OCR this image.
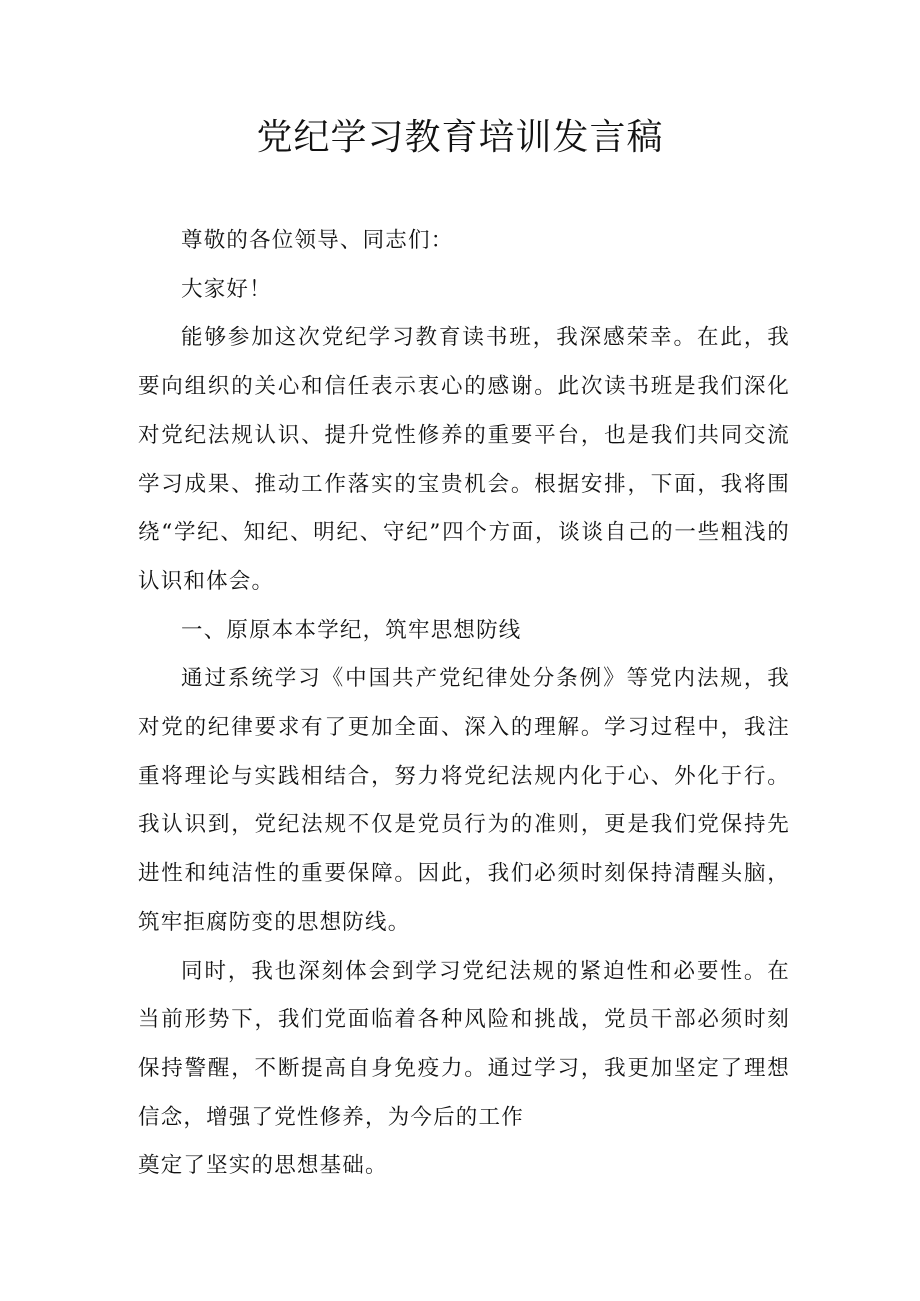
党纪学习教育培训发言稿

尊敬的各位领导、同志们：

大家好！

能够参加这次党纪学习教育读书班，我深感荣幸。在此，我要向组织的关心和信任表示衷心的感谢。此次读书班是我们深化对党纪法规认识、提升党性修养的重要平台，也是我们共同交流学习成果、推动工作落实的宝贵机会。根据安排，下面，我将围绕“学纪、知纪、明纪、守纪”四个方面，谈谈自己的一些粗浅的认识和体会。

一、原原本本学纪，筑牢思想防线

通过系统学习《中国共产党纪律处分条例》等党内法规，我对党的纪律要求有了更加全面、深入的理解。学习过程中，我注重将理论与实践相结合，努力将党纪法规内化于心、外化于行。我认识到，党纪法规不仅是党员行为的准则，更是我们党保持先进性和纯洁性的重要保障。因此，我们必须时刻保持清醒头脑，筑牢拒腐防变的思想防线。

同时，我也深刻体会到学习党纪法规的紧迫性和必要性。在当前形势下，我们党面临着各种风险和挑战，党员干部必须时刻保持警醒，不断提高自身免疫力。通过学习，我更加坚定了理想信念，增强了党性修养，为今后的工作

奠定了坚实的思想基础。
